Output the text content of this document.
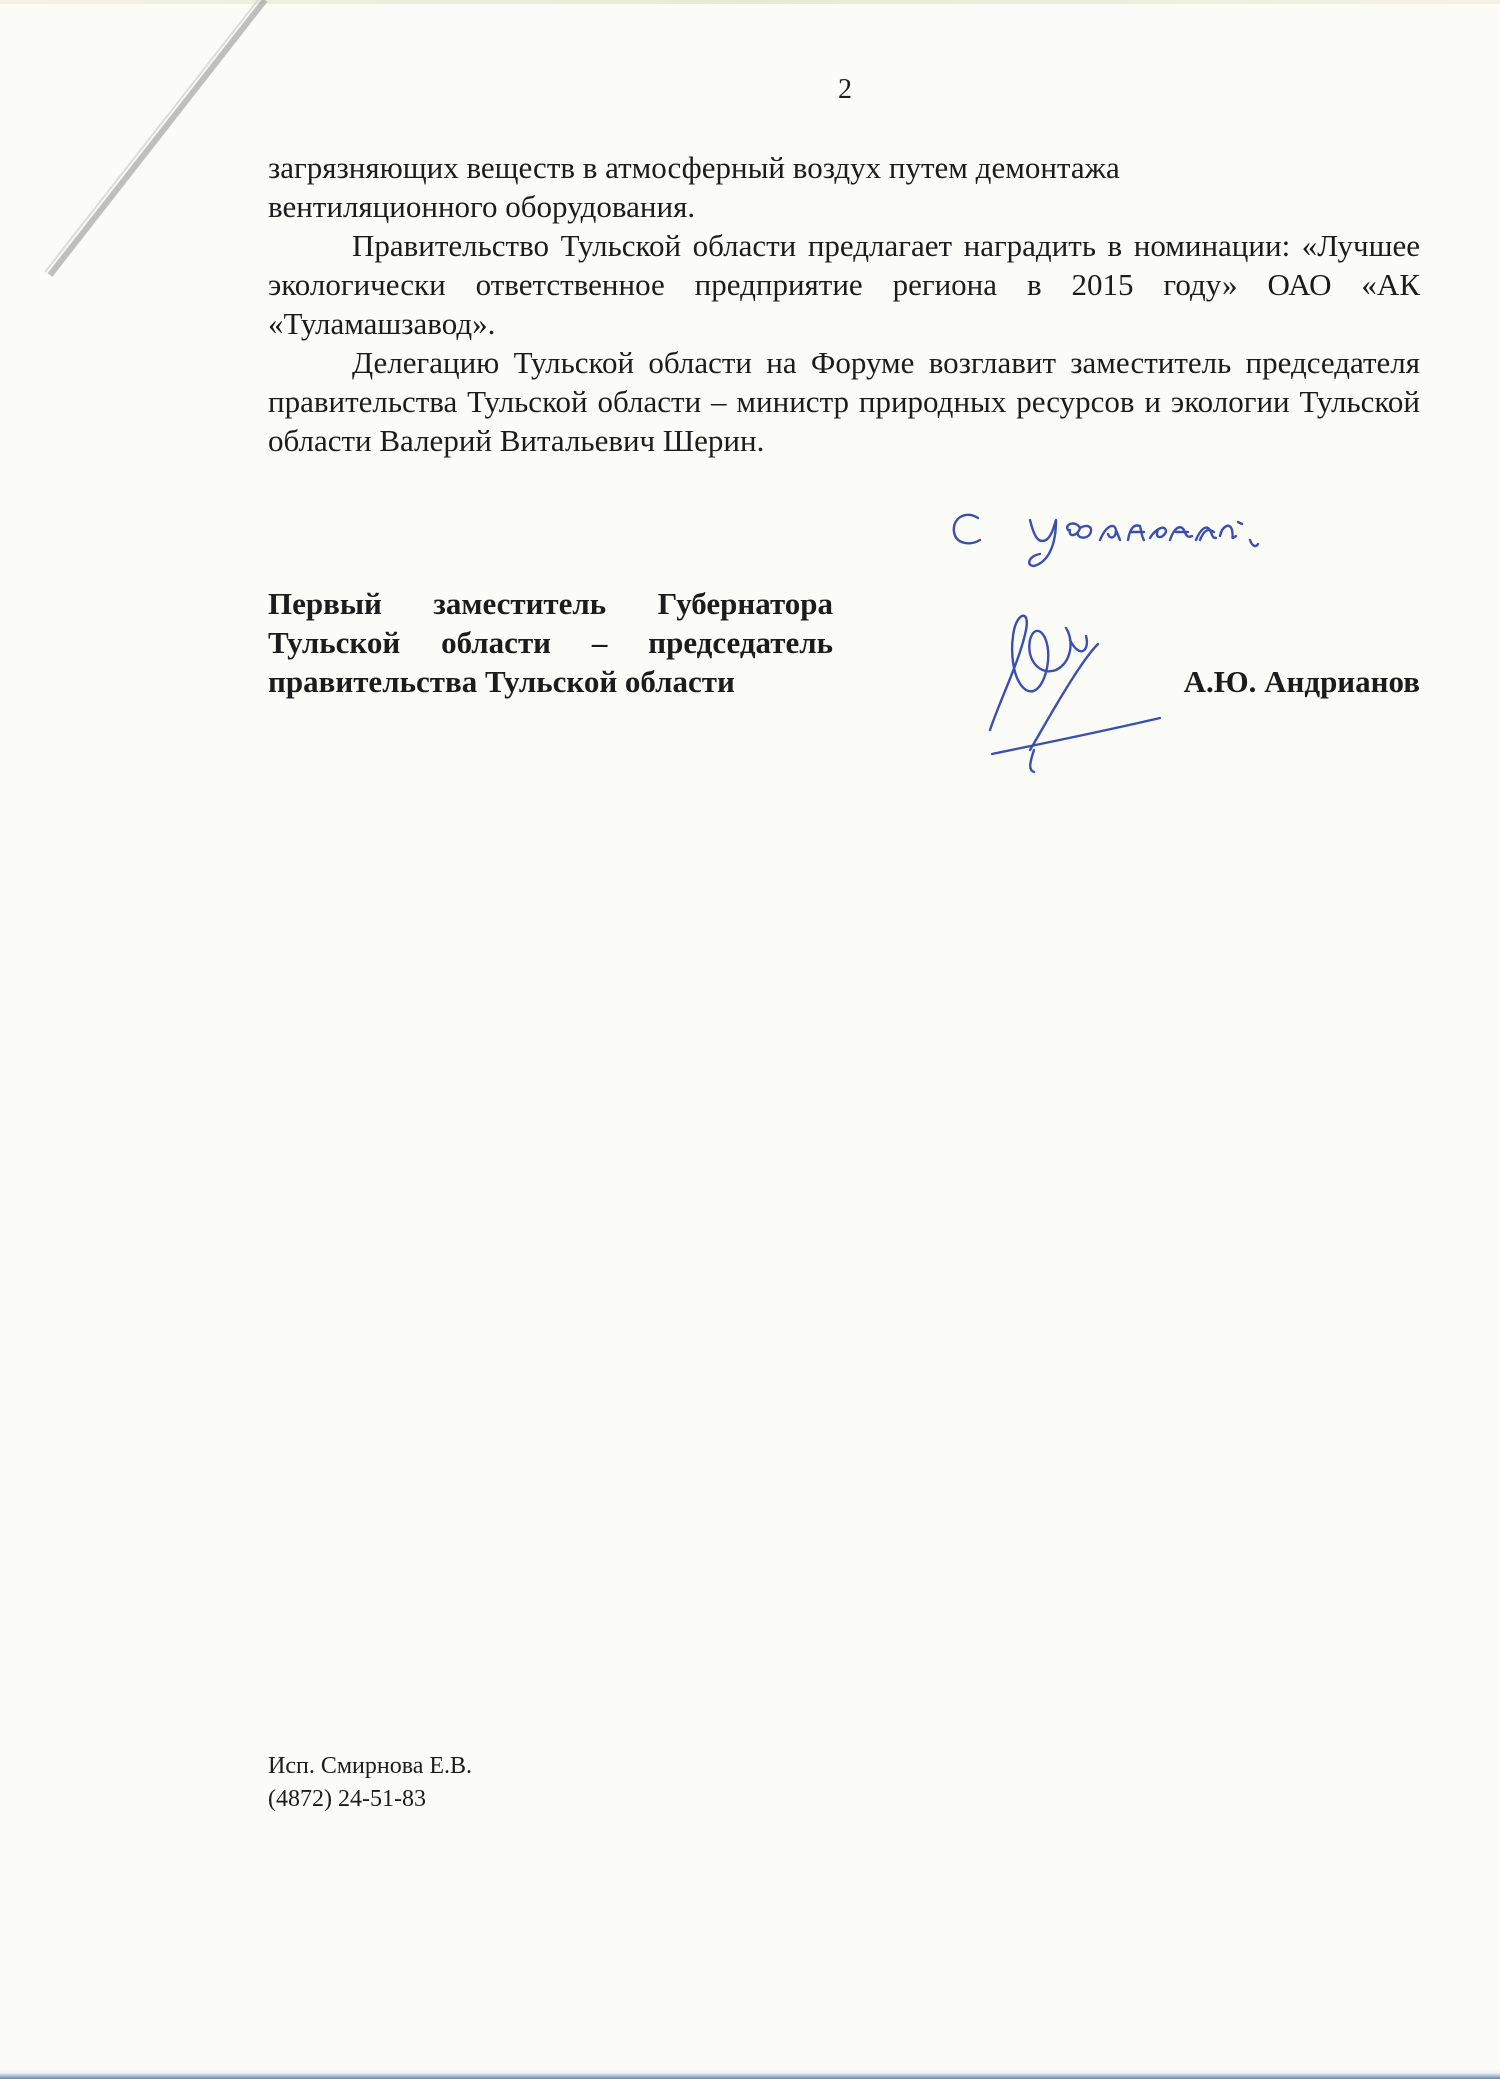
2

загрязняющих веществ в атмосферный воздух путем демонтажа

вентиляционного оборудования.

Правительство Тульской области предлагает наградить в номинации: «Лучшее экологически ответственное предприятие региона в 2015 году» ОАО «АК «Туламашзавод».

Делегацию Тульской области на Форуме возглавит заместитель председателя правительства Тульской области – министр природных ресурсов и экологии Тульской области Валерий Витальевич Шерин.

Первый заместитель Губернатора
Тульской области – председатель
правительства Тульской области	А.Ю. Андрианов
Исп. Смирнова Е.В.
(4872) 24-51-83
